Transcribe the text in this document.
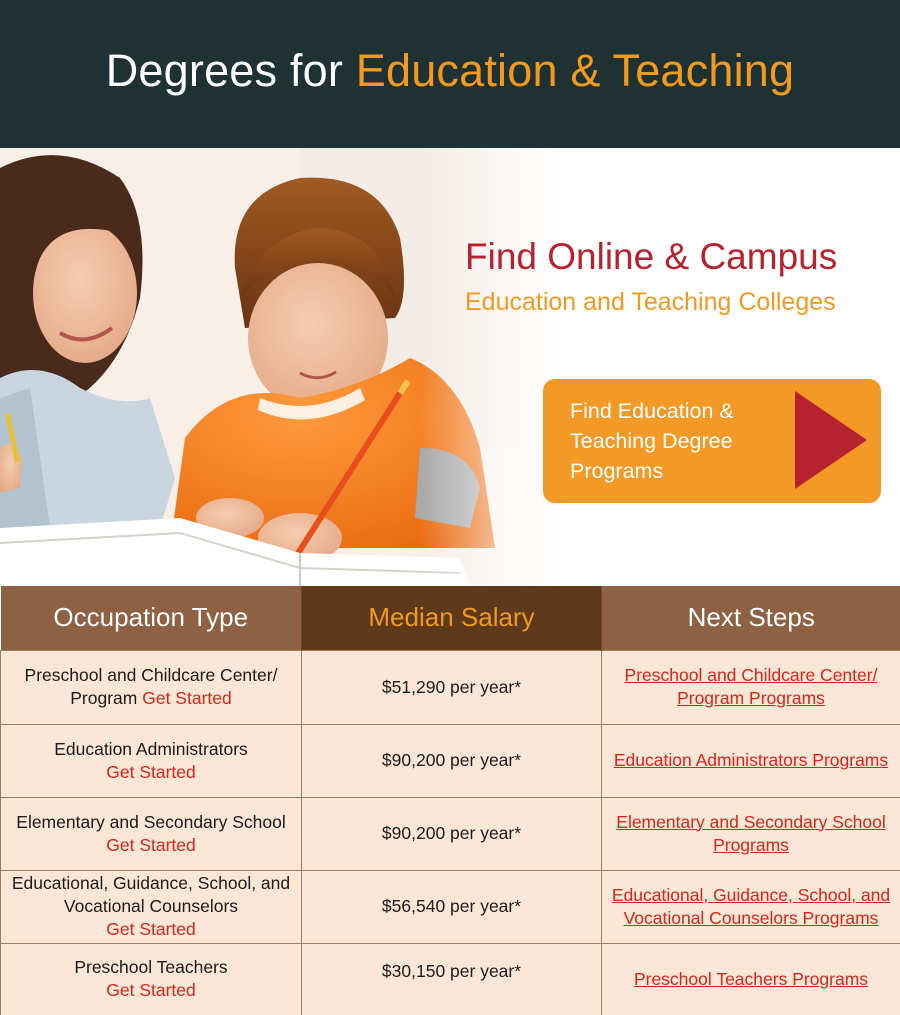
Degrees for Education & Teaching
Find Online & Campus
Education and Teaching Colleges
Find Education &
Teaching Degree
Programs
Occupation Type	Median Salary	Next Steps
Preschool and Childcare Center/ Program Get Started	$51,290 per year*	Preschool and Childcare Center/ Program Programs
Education Administrators
Get Started	$90,200 per year*	Education Administrators Programs
Elementary and Secondary School Get Started	$90,200 per year*	Elementary and Secondary School Programs
Educational, Guidance, School, and Vocational Counselors
Get Started	$56,540 per year*	Educational, Guidance, School, and Vocational Counselors Programs
Preschool Teachers
Get Started	$30,150 per year*	Preschool Teachers Programs
